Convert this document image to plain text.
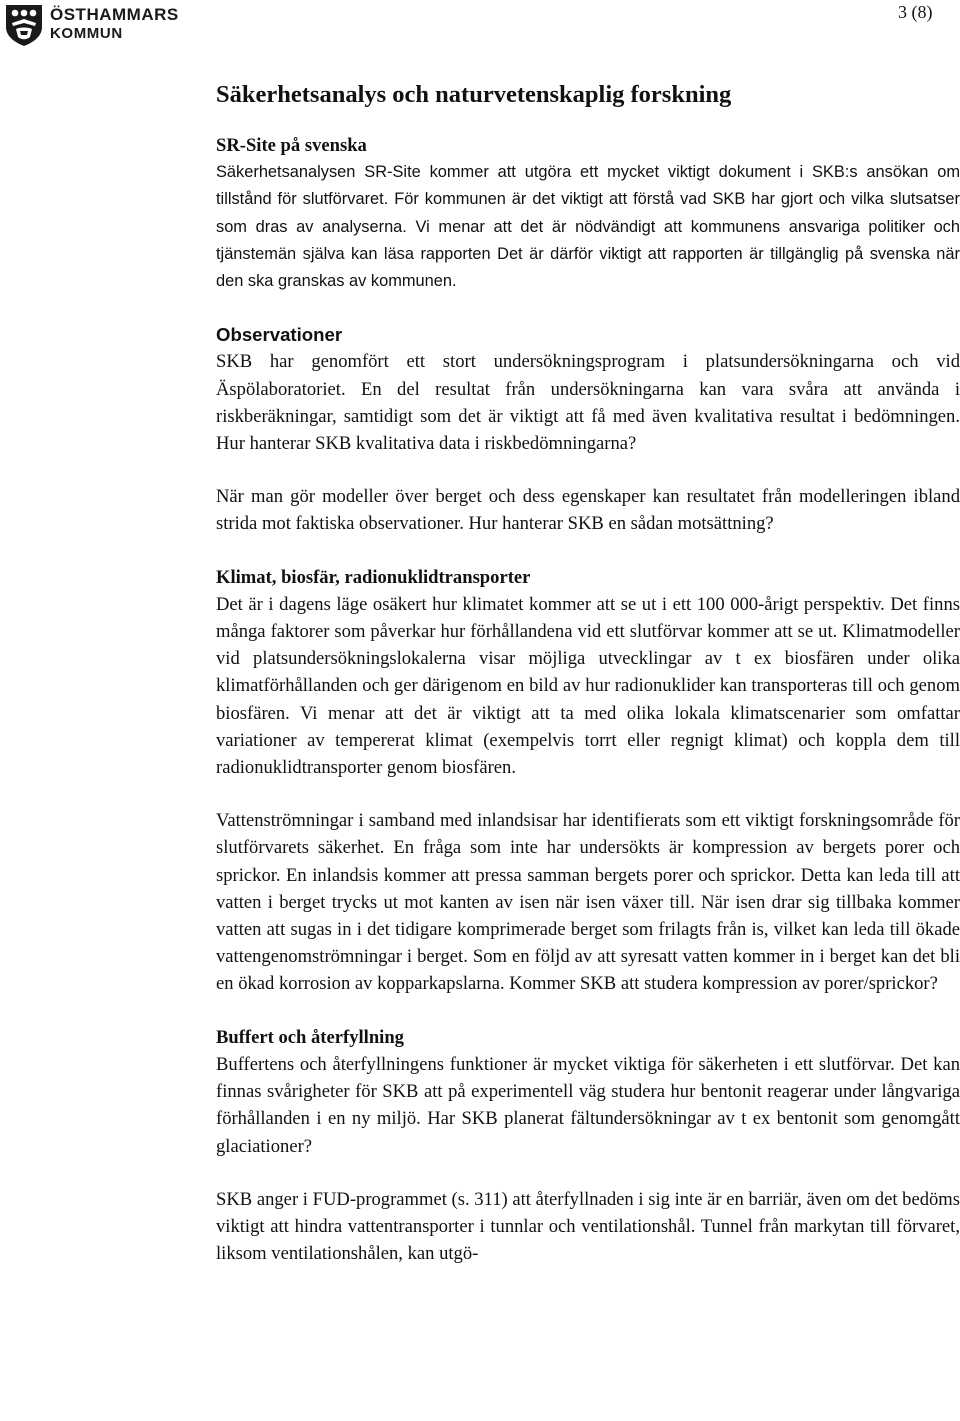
ÖSTHAMMARS
KOMMUN
3 (8)
Säkerhetsanalys och naturvetenskaplig forskning
SR-Site på svenska

Säkerhetsanalysen SR-Site kommer att utgöra ett mycket viktigt dokument i SKB:s ansökan om tillstånd för slutförvaret. För kommunen är det viktigt att förstå vad SKB har gjort och vilka slutsatser som dras av analyserna. Vi menar att det är nödvändigt att kommunens ansvariga politiker och tjänstemän själva kan läsa rapporten Det är därför viktigt att rapporten är tillgänglig på svenska när den ska granskas av kommunen.

Observationer

SKB har genomfört ett stort undersökningsprogram i platsundersökningarna och vid Äspölaboratoriet. En del resultat från undersökningarna kan vara svåra att använda i riskberäkningar, samtidigt som det är viktigt att få med även kvalitativa resultat i bedömningen. Hur hanterar SKB kvalitativa data i riskbedömningarna?

När man gör modeller över berget och dess egenskaper kan resultatet från modelleringen ibland strida mot faktiska observationer. Hur hanterar SKB en sådan motsättning?

Klimat, biosfär, radionuklidtransporter

Det är i dagens läge osäkert hur klimatet kommer att se ut i ett 100 000-årigt perspektiv. Det finns många faktorer som påverkar hur förhållandena vid ett slutförvar kommer att se ut. Klimatmodeller vid platsundersökningslokalerna visar möjliga utvecklingar av t ex biosfären under olika klimatförhållanden och ger därigenom en bild av hur radionuklider kan transporteras till och genom biosfären. Vi menar att det är viktigt att ta med olika lokala klimatscenarier som omfattar variationer av tempererat klimat (exempelvis torrt eller regnigt klimat) och koppla dem till radionuklidtransporter genom biosfären.

Vattenströmningar i samband med inlandsisar har identifierats som ett viktigt forskningsområde för slutförvarets säkerhet. En fråga som inte har undersökts är kompression av bergets porer och sprickor. En inlandsis kommer att pressa samman bergets porer och sprickor. Detta kan leda till att vatten i berget trycks ut mot kanten av isen när isen växer till. När isen drar sig tillbaka kommer vatten att sugas in i det tidigare komprimerade berget som frilagts från is, vilket kan leda till ökade vattengenomströmningar i berget. Som en följd av att syresatt vatten kommer in i berget kan det bli en ökad korrosion av kopparkapslarna. Kommer SKB att studera kompression av porer/sprickor?

Buffert och återfyllning

Buffertens och återfyllningens funktioner är mycket viktiga för säkerheten i ett slutförvar. Det kan finnas svårigheter för SKB att på experimentell väg studera hur bentonit reagerar under långvariga förhållanden i en ny miljö. Har SKB planerat fältundersökningar av t ex bentonit som genomgått glaciationer?

SKB anger i FUD-programmet (s. 311) att återfyllnaden i sig inte är en barriär, även om det bedöms viktigt att hindra vattentransporter i tunnlar och ventilationshål. Tunnel från markytan till förvaret, liksom ventilationshålen, kan utgö-
